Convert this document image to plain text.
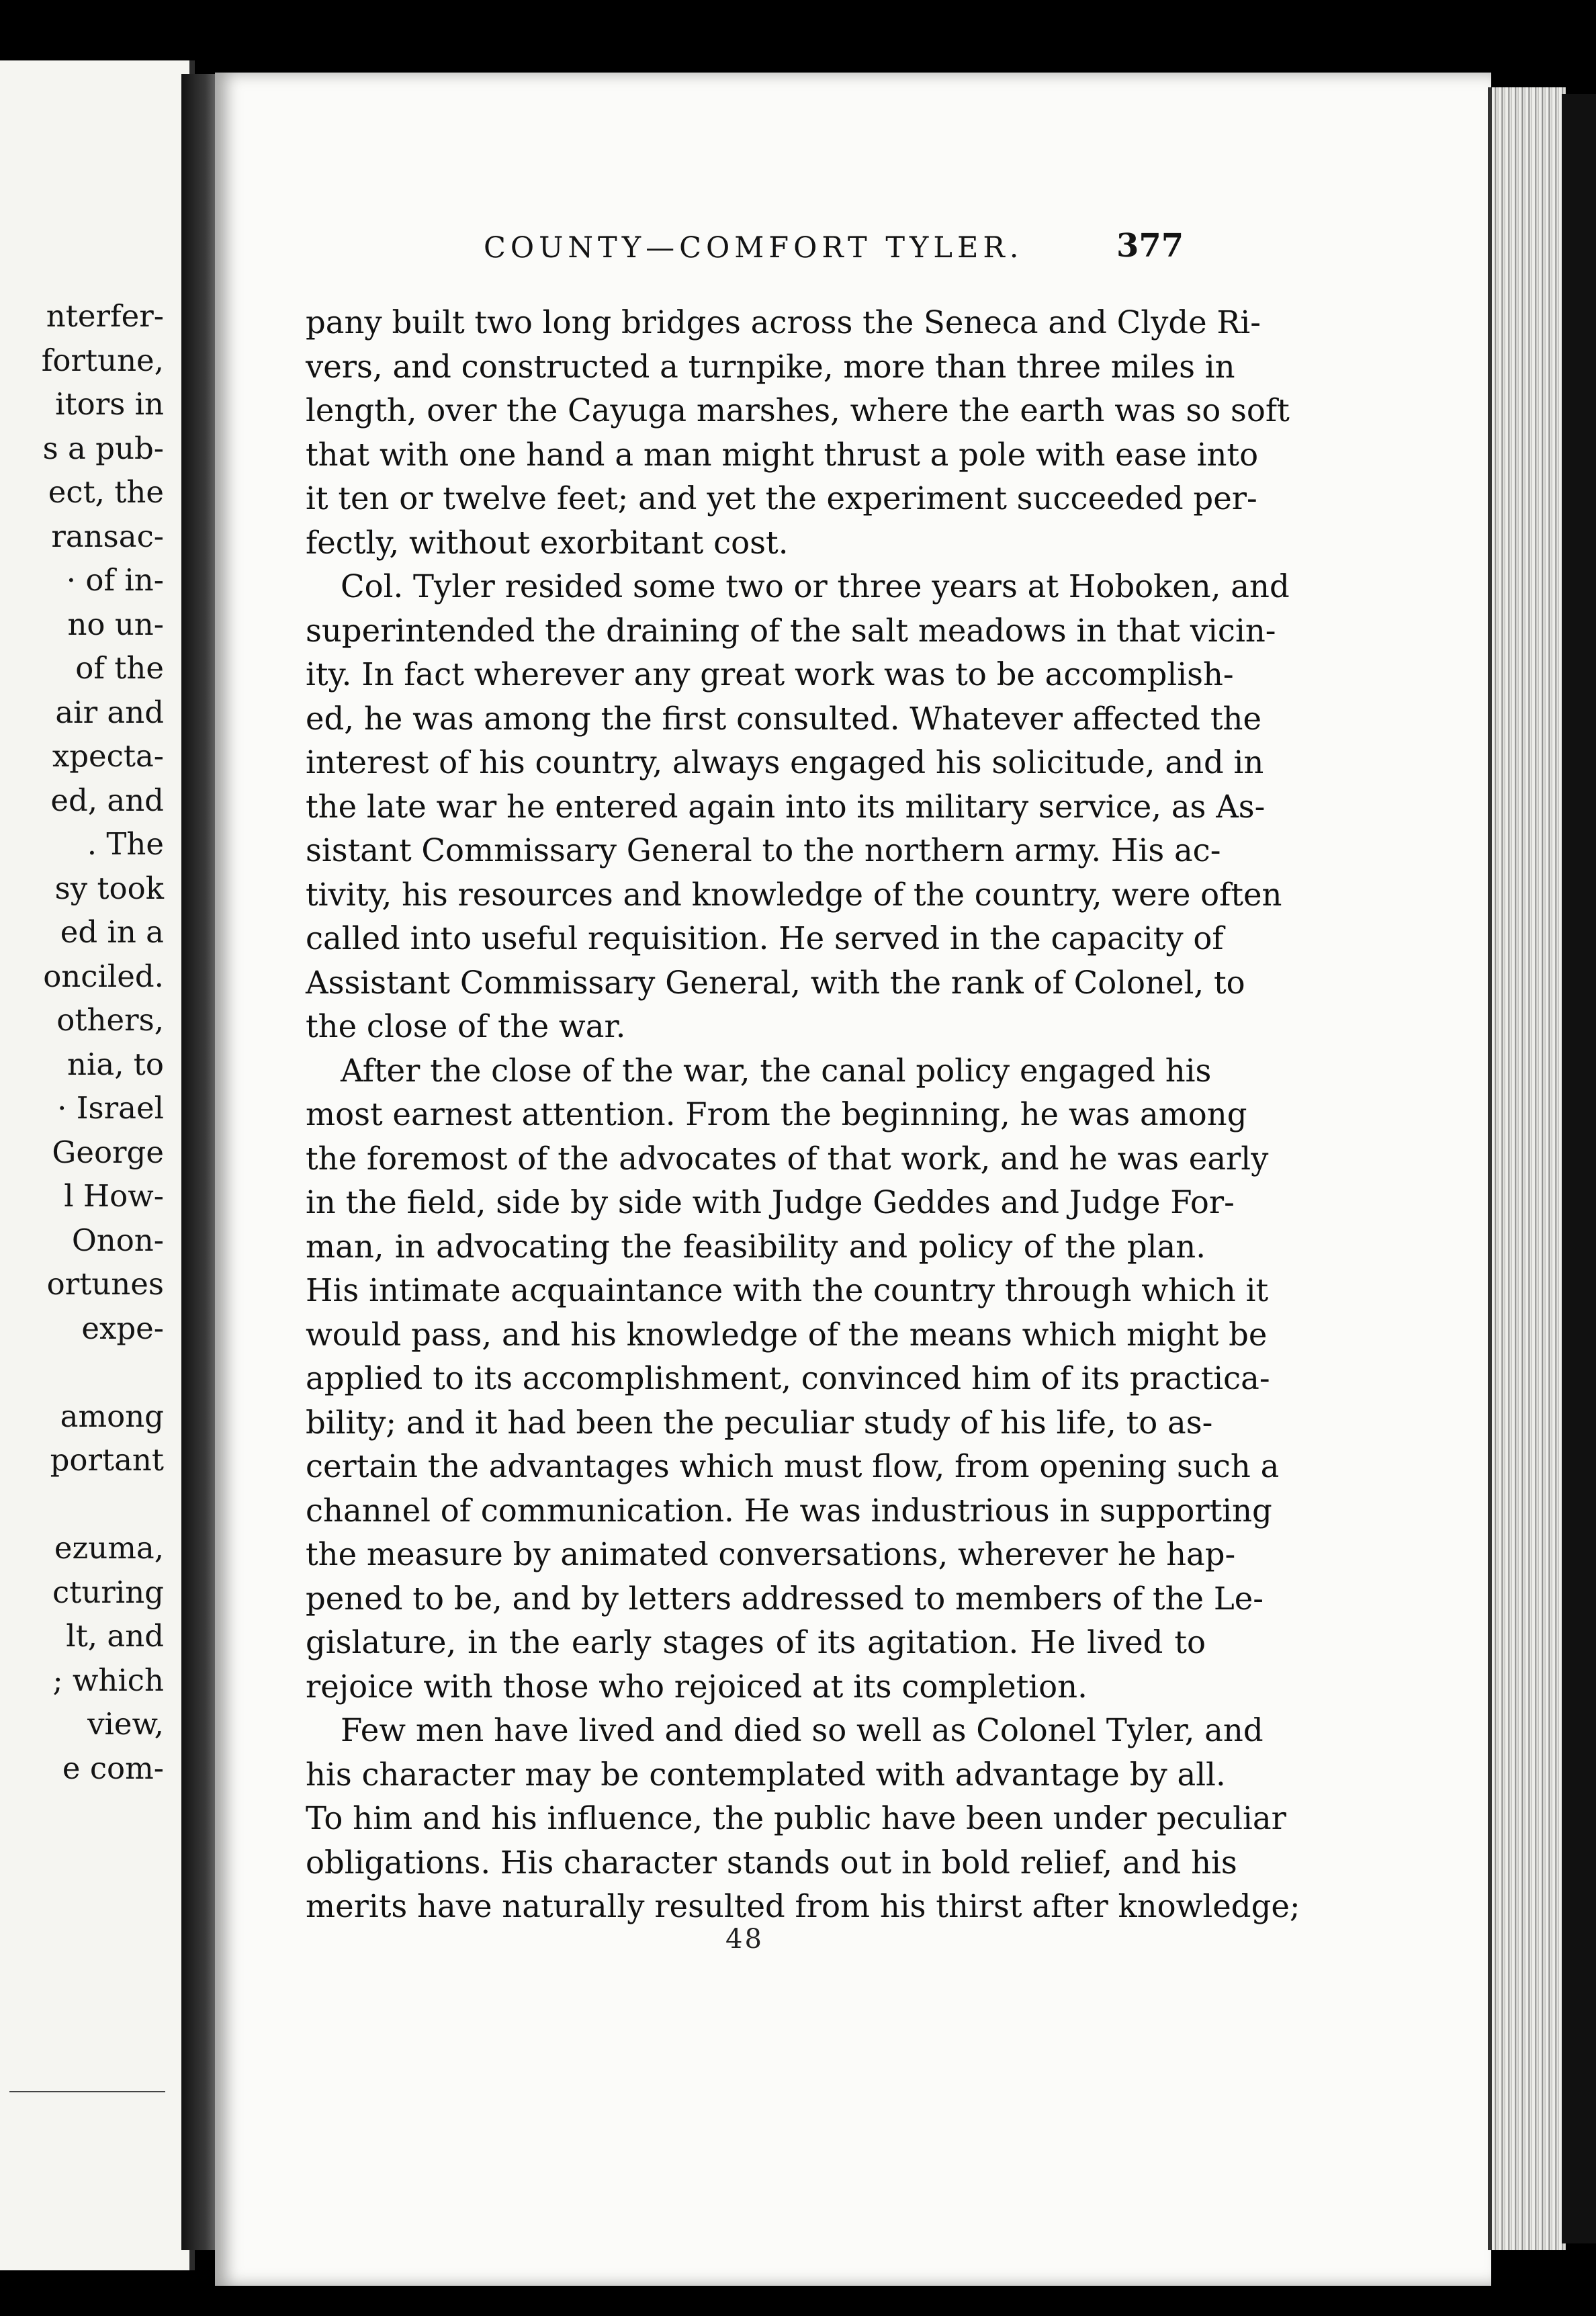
nterfer-
fortune,
itors in
s a pub-
ect, the
ransac-
· of in-
no un-
of the
air and
xpecta-
ed, and
. The
sy took
ed in a
onciled.
others,
nia, to
· Israel
George
l How-
Onon-
ortunes
expe-
among
portant
ezuma,
cturing
lt, and
; which
view,
e com-
COUNTY—COMFORT TYLER.	377
pany built two long bridges across the Seneca and Clyde Ri-
vers, and constructed a turnpike, more than three miles in
length, over the Cayuga marshes, where the earth was so soft
that with one hand a man might thrust a pole with ease into
it ten or twelve feet; and yet the experiment succeeded per-
fectly, without exorbitant cost.
Col. Tyler resided some two or three years at Hoboken, and
superintended the draining of the salt meadows in that vicin-
ity. In fact wherever any great work was to be accomplish-
ed, he was among the first consulted. Whatever affected the
interest of his country, always engaged his solicitude, and in
the late war he entered again into its military service, as As-
sistant Commissary General to the northern army. His ac-
tivity, his resources and knowledge of the country, were often
called into useful requisition. He served in the capacity of
Assistant Commissary General, with the rank of Colonel, to
the close of the war.
After the close of the war, the canal policy engaged his
most earnest attention. From the beginning, he was among
the foremost of the advocates of that work, and he was early
in the field, side by side with Judge Geddes and Judge For-
man, in advocating the feasibility and policy of the plan.
His intimate acquaintance with the country through which it
would pass, and his knowledge of the means which might be
applied to its accomplishment, convinced him of its practica-
bility; and it had been the peculiar study of his life, to as-
certain the advantages which must flow, from opening such a
channel of communication. He was industrious in supporting
the measure by animated conversations, wherever he hap-
pened to be, and by letters addressed to members of the Le-
gislature, in the early stages of its agitation. He lived to
rejoice with those who rejoiced at its completion.
Few men have lived and died so well as Colonel Tyler, and
his character may be contemplated with advantage by all.
To him and his influence, the public have been under peculiar
obligations. His character stands out in bold relief, and his
merits have naturally resulted from his thirst after knowledge;
48
